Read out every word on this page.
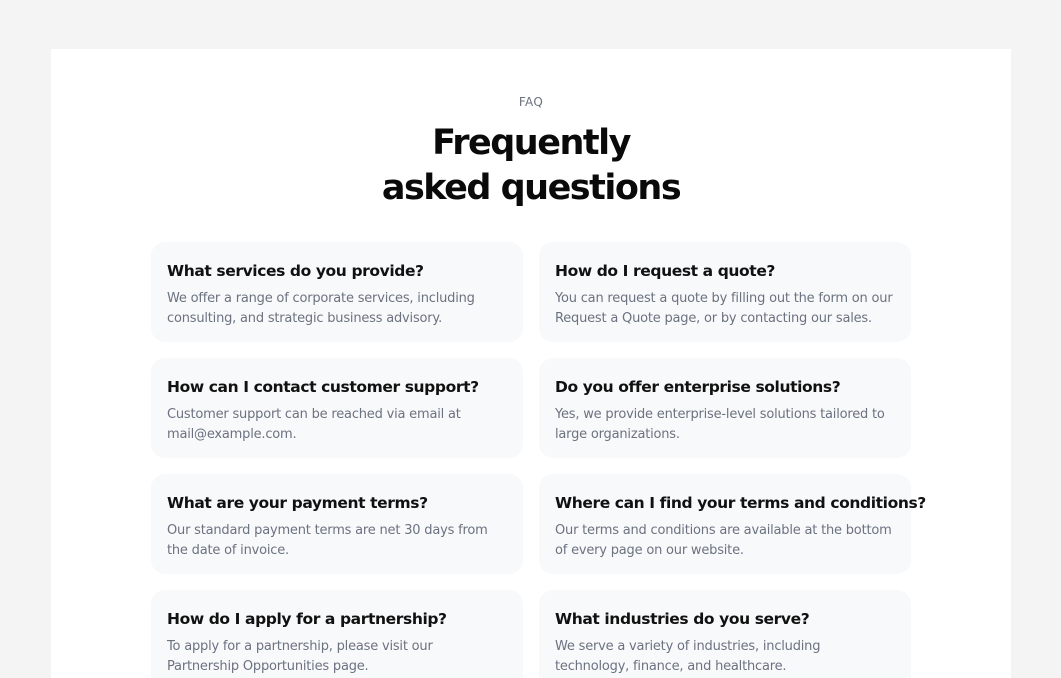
FAQ
Frequently
asked questions

What services do you provide?

We offer a range of corporate services, including consulting, and strategic business advisory.

How do I request a quote?

You can request a quote by filling out the form on our Request a Quote page, or by contacting our sales.

How can I contact customer support?

Customer support can be reached via email at mail@example.com.

Do you offer enterprise solutions?

Yes, we provide enterprise-level solutions tailored to large organizations.

What are your payment terms?

Our standard payment terms are net 30 days from the date of invoice.

Where can I find your terms and conditions?

Our terms and conditions are available at the bottom of every page on our website.

How do I apply for a partnership?

To apply for a partnership, please visit our Partnership Opportunities page.

What industries do you serve?

We serve a variety of industries, including technology, finance, and healthcare.
